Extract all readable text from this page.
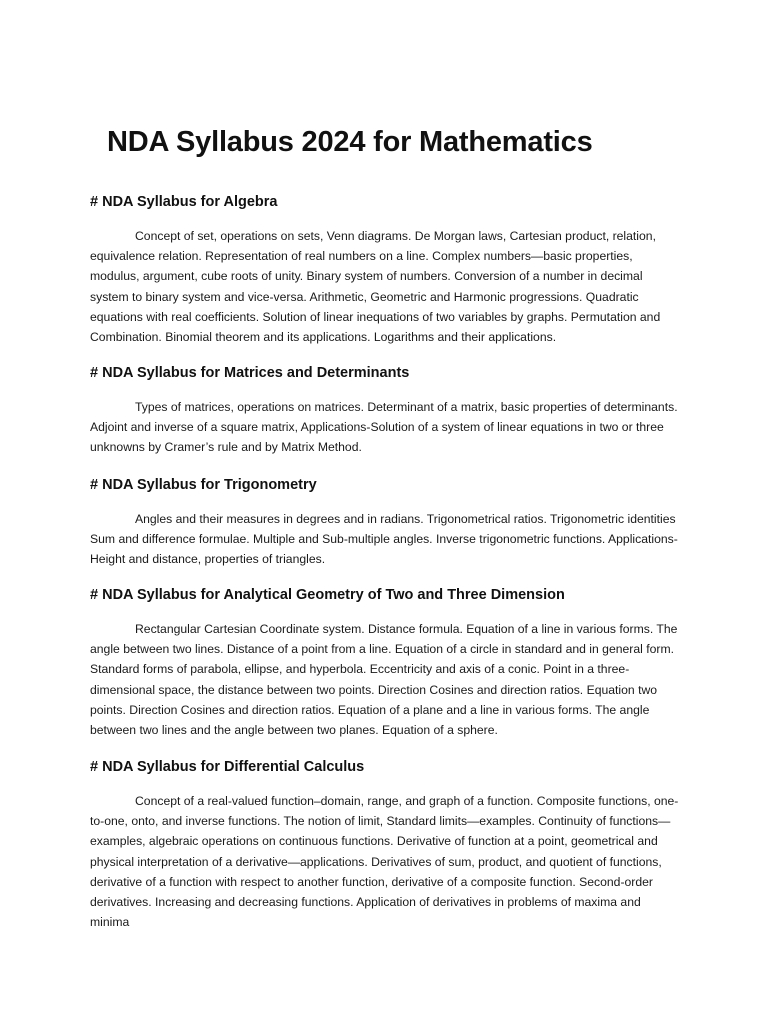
NDA Syllabus 2024 for Mathematics
# NDA Syllabus for Algebra

Concept of set, operations on sets, Venn diagrams. De Morgan laws, Cartesian product, relation, equivalence relation. Representation of real numbers on a line. Complex numbers—basic properties, modulus, argument, cube roots of unity. Binary system of numbers. Conversion of a number in decimal system to binary system and vice-versa. Arithmetic, Geometric and Harmonic progressions. Quadratic equations with real coefficients. Solution of linear inequations of two variables by graphs. Permutation and Combination. Binomial theorem and its applications. Logarithms and their applications.

# NDA Syllabus for Matrices and Determinants

Types of matrices, operations on matrices. Determinant of a matrix, basic properties of determinants. Adjoint and inverse of a square matrix, Applications-Solution of a system of linear equations in two or three unknowns by Cramer’s rule and by Matrix Method.

# NDA Syllabus for Trigonometry

Angles and their measures in degrees and in radians. Trigonometrical ratios. Trigonometric identities Sum and difference formulae. Multiple and Sub-multiple angles. Inverse trigonometric functions. Applications-Height and distance, properties of triangles.

# NDA Syllabus for Analytical Geometry of Two and Three Dimension

Rectangular Cartesian Coordinate system. Distance formula. Equation of a line in various forms. The angle between two lines. Distance of a point from a line. Equation of a circle in standard and in general form. Standard forms of parabola, ellipse, and hyperbola. Eccentricity and axis of a conic. Point in a three-dimensional space, the distance between two points. Direction Cosines and direction ratios. Equation two points. Direction Cosines and direction ratios. Equation of a plane and a line in various forms. The angle between two lines and the angle between two planes. Equation of a sphere.

# NDA Syllabus for Differential Calculus

Concept of a real-valued function–domain, range, and graph of a function. Composite functions, one-to-one, onto, and inverse functions. The notion of limit, Standard limits—examples. Continuity of functions—examples, algebraic operations on continuous functions. Derivative of function at a point, geometrical and physical interpretation of a derivative—applications. Derivatives of sum, product, and quotient of functions, derivative of a function with respect to another function, derivative of a composite function. Second-order derivatives. Increasing and decreasing functions. Application of derivatives in problems of maxima and minima
